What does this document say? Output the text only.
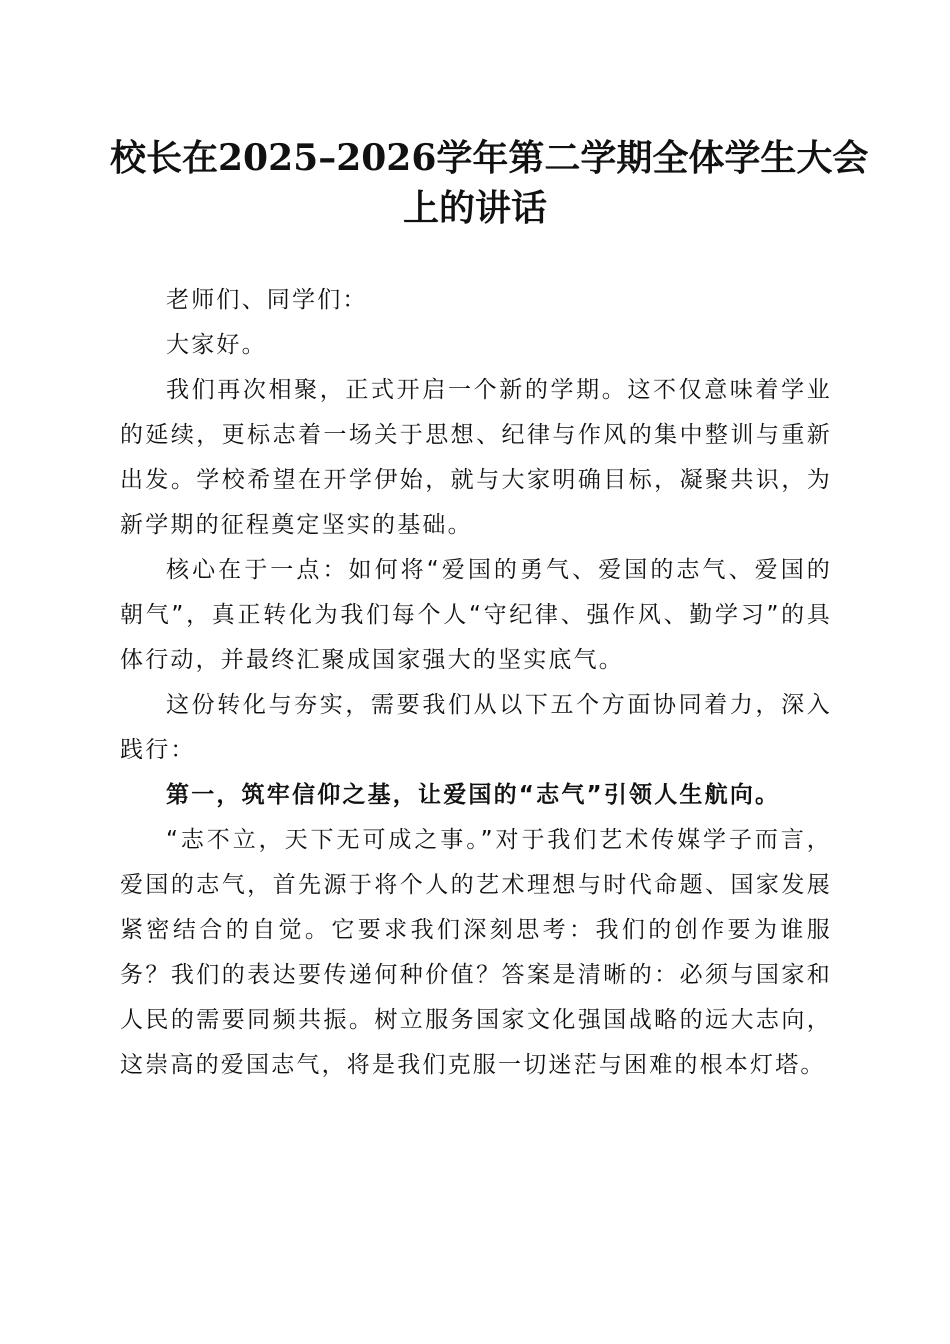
校长在2025–2026学年第二学期全体学生大会
上的讲话

老师们、同学们：

大家好。

我们再次相聚，正式开启一个新的学期。这不仅意味着学业的延续，更标志着一场关于思想、纪律与作风的集中整训与重新出发。学校希望在开学伊始，就与大家明确目标，凝聚共识，为新学期的征程奠定坚实的基础。

核心在于一点：如何将“爱国的勇气、爱国的志气、爱国的朝气”，真正转化为我们每个人“守纪律、强作风、勤学习”的具体行动，并最终汇聚成国家强大的坚实底气。

这份转化与夯实，需要我们从以下五个方面协同着力，深入践行：

第一，筑牢信仰之基，让爱国的“志气”引领人生航向。

“志不立，天下无可成之事。”对于我们艺术传媒学子而言，爱国的志气，首先源于将个人的艺术理想与时代命题、国家发展紧密结合的自觉。它要求我们深刻思考：我们的创作要为谁服务？我们的表达要传递何种价值？答案是清晰的：必须与国家和人民的需要同频共振。树立服务国家文化强国战略的远大志向，这崇高的爱国志气，将是我们克服一切迷茫与困难的根本灯塔。
